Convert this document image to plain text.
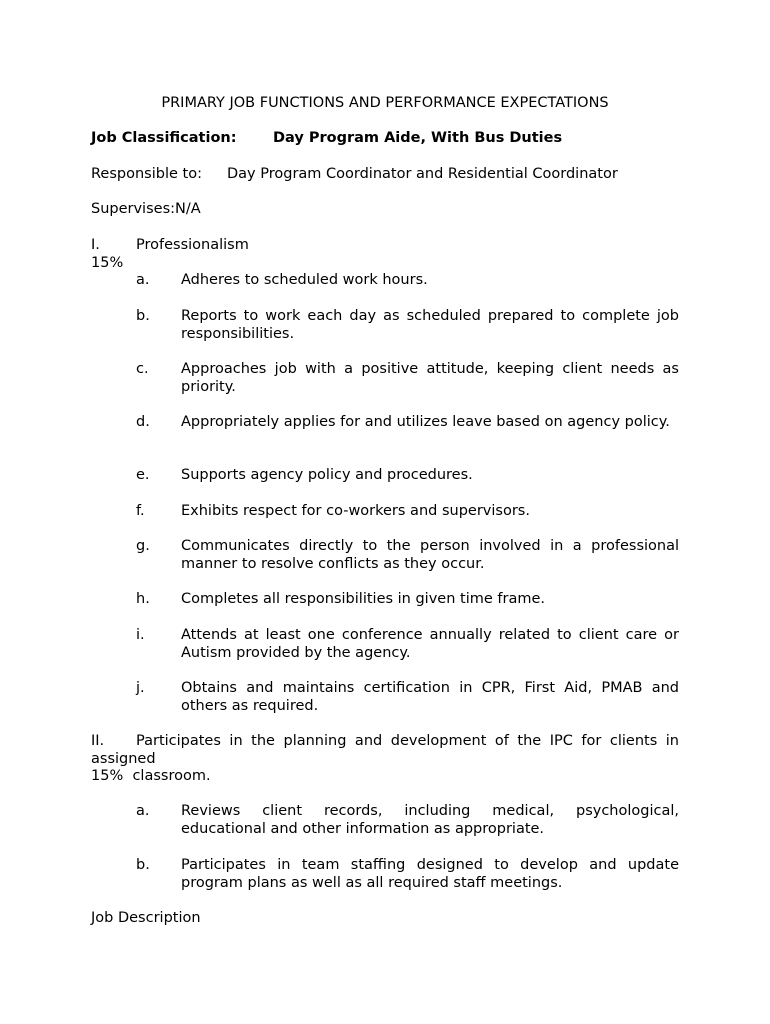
PRIMARY JOB FUNCTIONS AND PERFORMANCE EXPECTATIONS
Job Classification:	Day Program Aide, With Bus Duties
Responsible to: Day Program Coordinator and Residential Coordinator
Supervises:N/A
I. Professionalism
15%
a. Adheres to scheduled work hours.
b. Reports to work each day as scheduled prepared to complete job responsibilities.
c. Approaches job with a positive attitude, keeping client needs as priority.
d. Appropriately applies for and utilizes leave based on agency policy.
e. Supports agency policy and procedures.
f.	Exhibits respect for co-workers and supervisors.
g. Communicates directly to the person involved in a professional manner to resolve conflicts as they occur.
h. Completes all responsibilities in given time frame.
i.	Attends at least one conference annually related to client care or Autism provided by the agency.
j.	Obtains and maintains certification in CPR, First Aid, PMAB and others as required.
II. Participates in the planning and development of the IPC for clients in assigned
15% classroom.
a. Reviews client records, including medical, psychological, educational and other information as appropriate.
b. Participates in team staffing designed to develop and update program plans as well as all required staff meetings.
Job Description
